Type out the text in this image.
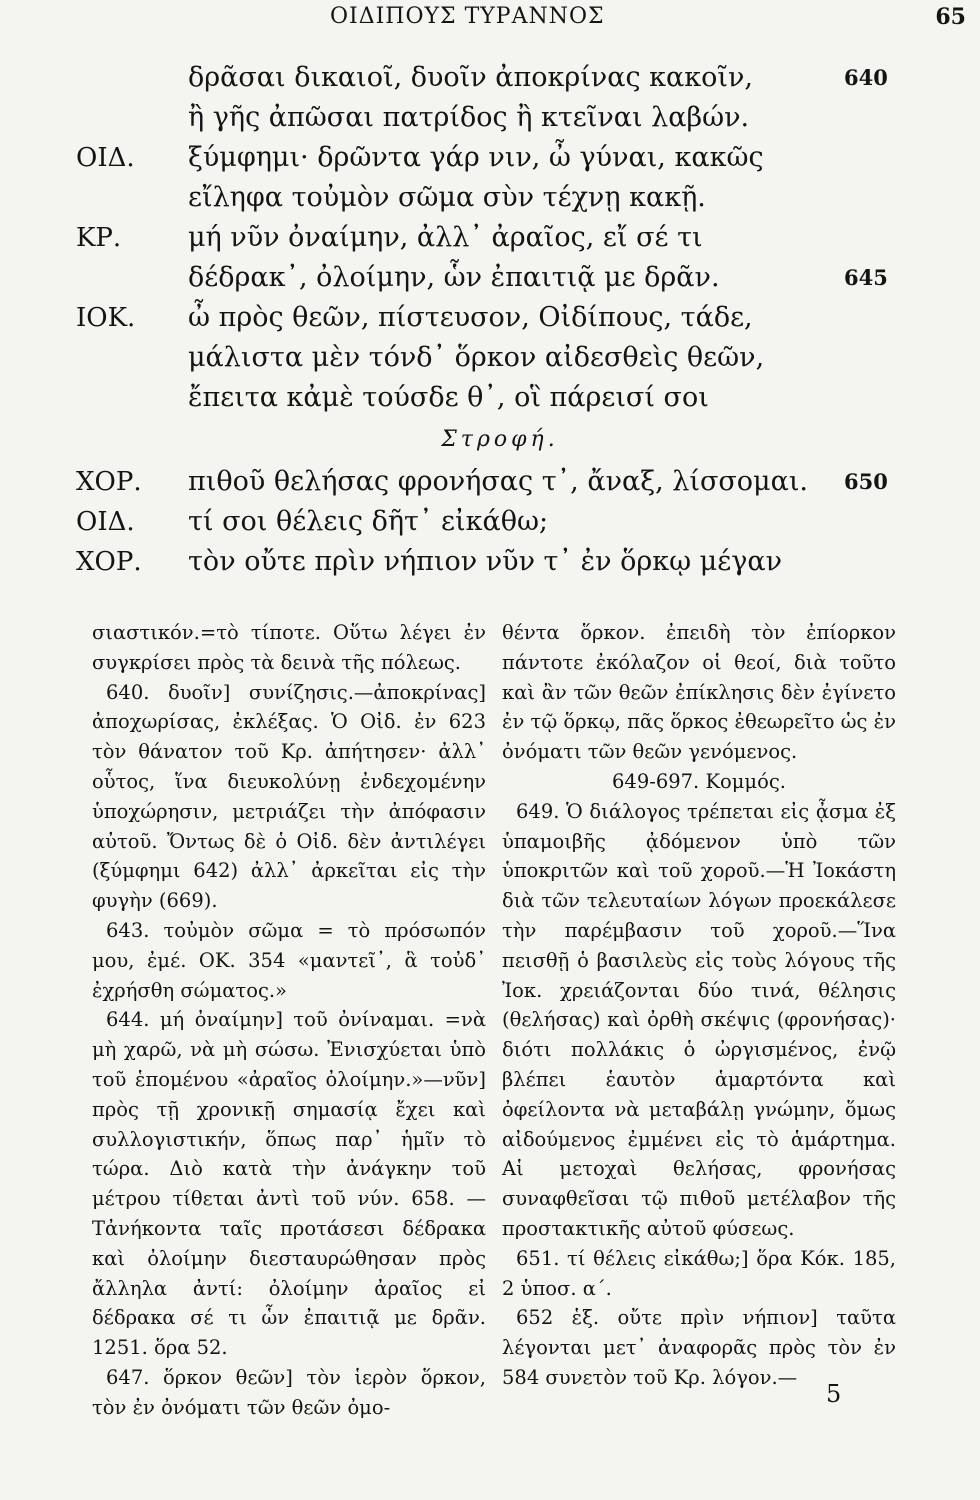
ΟΙΔΙΠΟΥΣ ΤΥΡΑΝΝΟΣ	65
δρᾶσαι δικαιοῖ, δυοῖν ἀποκρίνας κακοῖν,	640
ἢ γῆς ἀπῶσαι πατρίδος ἢ κτεῖναι λαβών.
ΟΙΔ. ξύμφημι· δρῶντα γάρ νιν, ὦ γύναι, κακῶς
εἴληφα τοὐμὸν σῶμα σὺν τέχνῃ κακῇ.
ΚΡ. μή νῦν ὀναίμην, ἀλλ᾽ ἀραῖος, εἴ σέ τι
δέδρακ᾽, ὀλοίμην, ὧν ἐπαιτιᾷ με δρᾶν.	645
ΙΟΚ. ὦ πρὸς θεῶν, πίστευσον, Οἰδίπους, τάδε,
μάλιστα μὲν τόνδ᾽ ὅρκον αἰδεσθεὶς θεῶν,
ἔπειτα κἀμὲ τούσδε θ᾽, οἳ πάρεισί σοι
Στροφή.
ΧΟΡ. πιθοῦ θελήσας φρονήσας τ᾽, ἄναξ, λίσσομαι. 650
ΟΙΔ. τί σοι θέλεις δῆτ᾽ εἰκάθω;
ΧΟΡ. τὸν οὔτε πρὶν νήπιον νῦν τ᾽ ἐν ὅρκῳ μέγαν

σιαστικόν.=τὸ τίποτε. Οὕτω λέγει ἐν συγκρίσει πρὸς τὰ δεινὰ τῆς πόλεως.

640. δυοῖν] συνίζησις.—ἀποκρίνας] ἀποχωρίσας, ἐκλέξας. Ὁ Οἰδ. ἐν 623 τὸν θάνατον τοῦ Κρ. ἀπήτησεν· ἀλλ᾽ οὗτος, ἵνα διευκολύνῃ ἐνδεχομένην ὑποχώρησιν, μετριάζει τὴν ἀπόφασιν αὐτοῦ. Ὄντως δὲ ὁ Οἰδ. δὲν ἀντιλέγει (ξύμφημι 642) ἀλλ᾽ ἀρκεῖται εἰς τὴν φυγὴν (669).

643. τοὐμὸν σῶμα = τὸ πρόσωπόν μου, ἐμέ. ΟΚ. 354 «μαντεῖ᾽, ἃ τοὐδ᾽ ἐχρήσθη σώματος.»

644. μή ὀναίμην] τοῦ ὀνίναμαι. =νὰ μὴ χαρῶ, νὰ μὴ σώσω. Ἐνισχύεται ὑπὸ τοῦ ἑπομένου «ἀραῖος ὀλοίμην.»—νῦν] πρὸς τῇ χρονικῇ σημασίᾳ ἔχει καὶ συλλογιστικήν, ὅπως παρ᾽ ἡμῖν τὸ τώρα. Διὸ κατὰ τὴν ἀνάγκην τοῦ μέτρου τίθεται ἀντὶ τοῦ νύν. 658. — Τἀνήκοντα ταῖς προτάσεσι δέδρακα καὶ ὀλοίμην διεσταυρώθησαν πρὸς ἄλληλα ἀντί: ὀλοίμην ἀραῖος εἰ δέδρακα σέ τι ὧν ἐπαιτιᾷ με δρᾶν. 1251. ὅρα 52.

647. ὅρκον θεῶν] τὸν ἱερὸν ὅρκον, τὸν ἐν ὀνόματι τῶν θεῶν ὀμο-

θέντα ὅρκον. ἐπειδὴ τὸν ἐπίορκον πάντοτε ἐκόλαζον οἱ θεοί, διὰ τοῦτο καὶ ἂν τῶν θεῶν ἐπίκλησις δὲν ἐγίνετο ἐν τῷ ὅρκῳ, πᾶς ὅρκος ἐθεωρεῖτο ὡς ἐν ὀνόματι τῶν θεῶν γενόμενος.

649-697. Κομμός.

649. Ὁ διάλογος τρέπεται εἰς ᾆσμα ἐξ ὑπαμοιβῆς ᾀδόμενον ὑπὸ τῶν ὑποκριτῶν καὶ τοῦ χοροῦ.—Ἡ Ἰοκάστη διὰ τῶν τελευταίων λόγων προεκάλεσε τὴν παρέμβασιν τοῦ χοροῦ.—Ἵνα πεισθῇ ὁ βασιλεὺς εἰς τοὺς λόγους τῆς Ἰοκ. χρειάζονται δύο τινά, θέλησις (θελήσας) καὶ ὀρθὴ σκέψις (φρονήσας)· διότι πολλάκις ὁ ὠργισμένος, ἐνῷ βλέπει ἑαυτὸν ἁμαρτόντα καὶ ὀφείλοντα νὰ μεταβάλῃ γνώμην, ὅμως αἰδούμενος ἐμμένει εἰς τὸ ἁμάρτημα. Αἱ μετοχαὶ θελήσας, φρονήσας συναφθεῖσαι τῷ πιθοῦ μετέλαβον τῆς προστακτικῆς αὐτοῦ φύσεως.

651. τί θέλεις εἰκάθω;] ὅρα Κόκ. 185, 2 ὑποσ. α΄.

652 ἑξ. οὔτε πρὶν νήπιον] ταῦτα λέγονται μετ᾽ ἀναφορᾶς πρὸς τὸν ἐν 584 συνετὸν τοῦ Κρ. λόγον.—

5
